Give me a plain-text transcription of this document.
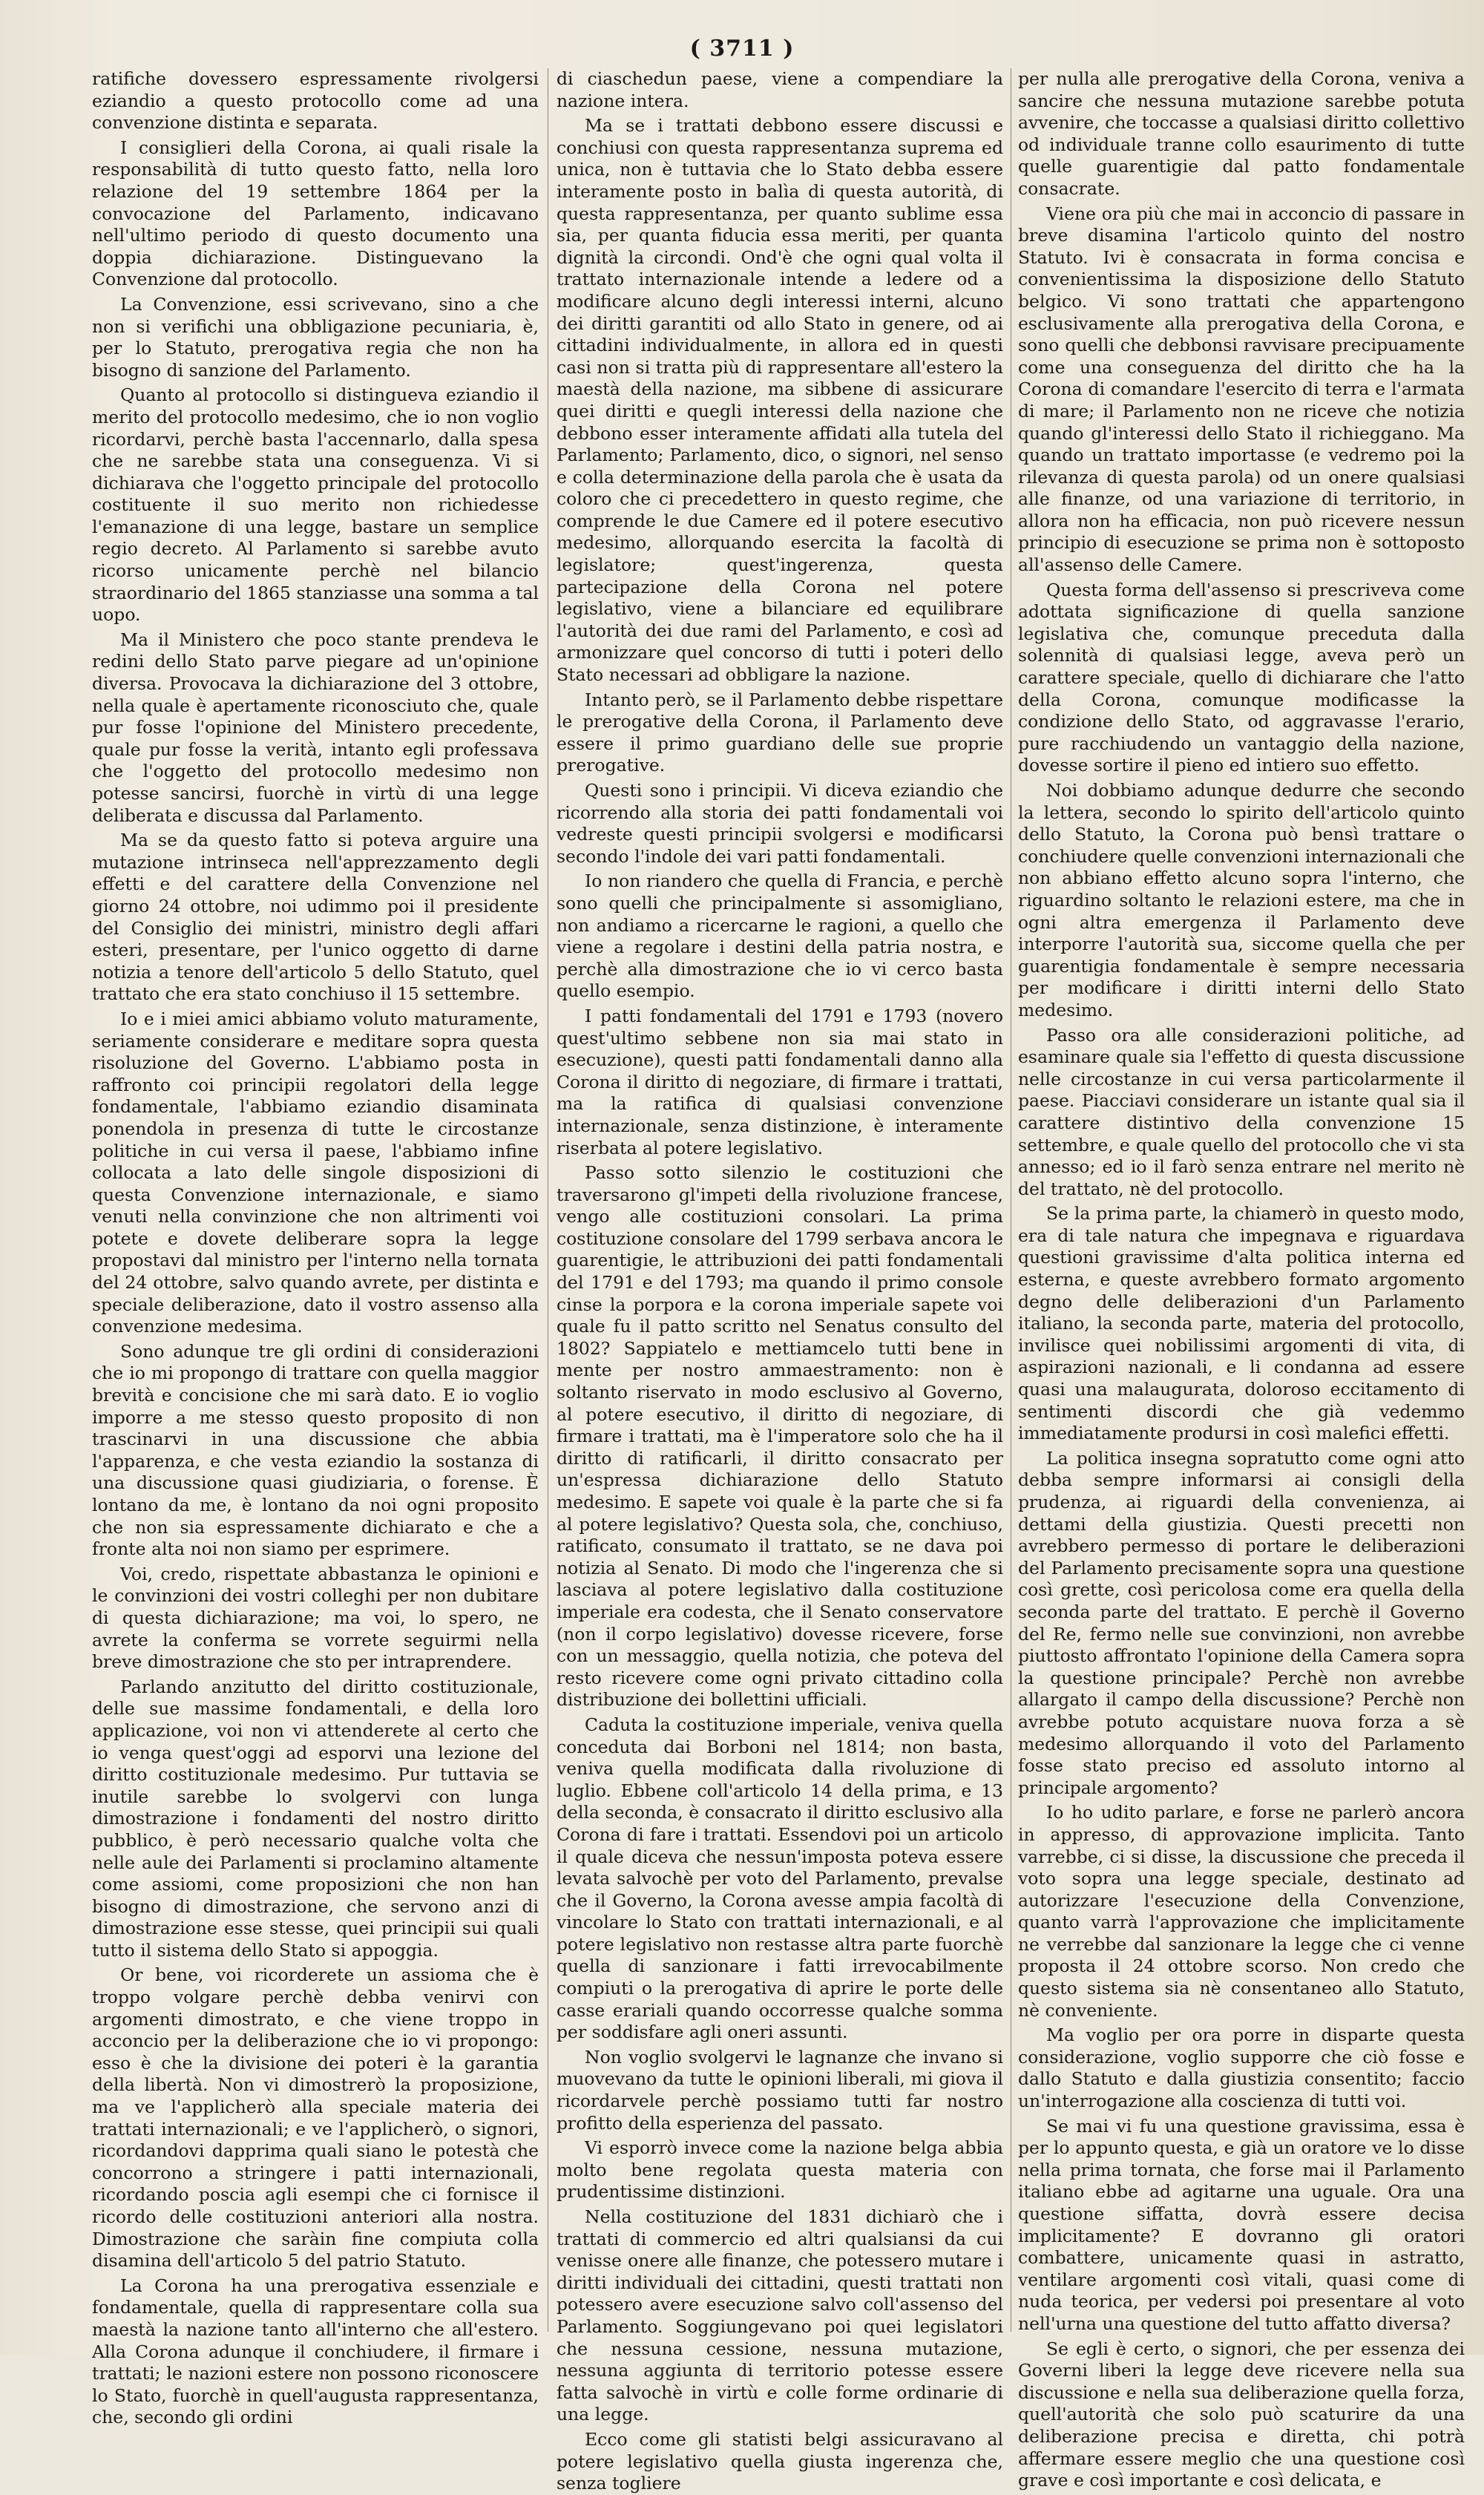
( 3711 )

ratifiche dovessero espressamente rivolgersi eziandio a questo protocollo come ad una convenzione distinta e separata.

I consiglieri della Corona, ai quali risale la responsabilità di tutto questo fatto, nella loro relazione del 19 settembre 1864 per la convocazione del Parlamento, indicavano nell'ultimo periodo di questo documento una doppia dichiarazione. Distinguevano la Convenzione dal protocollo.

La Convenzione, essi scrivevano, sino a che non si verifichi una obbligazione pecuniaria, è, per lo Statuto, prerogativa regia che non ha bisogno di sanzione del Parlamento.

Quanto al protocollo si distingueva eziandio il merito del protocollo medesimo, che io non voglio ricordarvi, perchè basta l'accennarlo, dalla spesa che ne sarebbe stata una conseguenza. Vi si dichiarava che l'oggetto principale del protocollo costituente il suo merito non richiedesse l'emanazione di una legge, bastare un semplice regio decreto. Al Parlamento si sarebbe avuto ricorso unicamente perchè nel bilancio straordinario del 1865 stanziasse una somma a tal uopo.

Ma il Ministero che poco stante prendeva le redini dello Stato parve piegare ad un'opinione diversa. Provocava la dichiarazione del 3 ottobre, nella quale è apertamente riconosciuto che, quale pur fosse l'opinione del Ministero precedente, quale pur fosse la verità, intanto egli professava che l'oggetto del protocollo medesimo non potesse sancirsi, fuorchè in virtù di una legge deliberata e discussa dal Parlamento.

Ma se da questo fatto si poteva arguire una mutazione intrinseca nell'apprezzamento degli effetti e del carattere della Convenzione nel giorno 24 ottobre, noi udimmo poi il presidente del Consiglio dei ministri, ministro degli affari esteri, presentare, per l'unico oggetto di darne notizia a tenore dell'articolo 5 dello Statuto, quel trattato che era stato conchiuso il 15 settembre.

Io e i miei amici abbiamo voluto maturamente, seriamente considerare e meditare sopra questa risoluzione del Governo. L'abbiamo posta in raffronto coi principii regolatori della legge fondamentale, l'abbiamo eziandio disaminata ponendola in presenza di tutte le circostanze politiche in cui versa il paese, l'abbiamo infine collocata a lato delle singole disposizioni di questa Convenzione internazionale, e siamo venuti nella convinzione che non altrimenti voi potete e dovete deliberare sopra la legge propostavi dal ministro per l'interno nella tornata del 24 ottobre, salvo quando avrete, per distinta e speciale deliberazione, dato il vostro assenso alla convenzione medesima.

Sono adunque tre gli ordini di considerazioni che io mi propongo di trattare con quella maggior brevità e concisione che mi sarà dato. E io voglio imporre a me stesso questo proposito di non trascinarvi in una discussione che abbia l'apparenza, e che vesta eziandio la sostanza di una discussione quasi giudiziaria, o forense. È lontano da me, è lontano da noi ogni proposito che non sia espressamente dichiarato e che a fronte alta noi non siamo per esprimere.

Voi, credo, rispettate abbastanza le opinioni e le convinzioni dei vostri colleghi per non dubitare di questa dichiarazione; ma voi, lo spero, ne avrete la conferma se vorrete seguirmi nella breve dimostrazione che sto per intraprendere.

Parlando anzitutto del diritto costituzionale, delle sue massime fondamentali, e della loro applicazione, voi non vi attenderete al certo che io venga quest'oggi ad esporvi una lezione del diritto costituzionale medesimo. Pur tuttavia se inutile sarebbe lo svolgervi con lunga dimostrazione i fondamenti del nostro diritto pubblico, è però necessario qualche volta che nelle aule dei Parlamenti si proclamino altamente come assiomi, come proposizioni che non han bisogno di dimostrazione, che servono anzi di dimostrazione esse stesse, quei principii sui quali tutto il sistema dello Stato si appoggia.

Or bene, voi ricorderete un assioma che è troppo volgare perchè debba venirvi con argomenti dimostrato, e che viene troppo in acconcio per la deliberazione che io vi propongo: esso è che la divisione dei poteri è la garantia della libertà. Non vi dimostrerò la proposizione, ma ve l'applicherò alla speciale materia dei trattati internazionali; e ve l'applicherò, o signori, ricordandovi dapprima quali siano le potestà che concorrono a stringere i patti internazionali, ricordando poscia agli esempi che ci fornisce il ricordo delle costituzioni anteriori alla nostra. Dimostrazione che saràin fine compiuta colla disamina dell'articolo 5 del patrio Statuto.

La Corona ha una prerogativa essenziale e fondamentale, quella di rappresentare colla sua maestà la nazione tanto all'interno che all'estero. Alla Corona adunque il conchiudere, il firmare i trattati; le nazioni estere non possono riconoscere lo Stato, fuorchè in quell'augusta rappresentanza, che, secondo gli ordini

di ciaschedun paese, viene a compendiare la nazione intera.

Ma se i trattati debbono essere discussi e conchiusi con questa rappresentanza suprema ed unica, non è tuttavia che lo Stato debba essere interamente posto in balìa di questa autorità, di questa rappresentanza, per quanto sublime essa sia, per quanta fiducia essa meriti, per quanta dignità la circondi. Ond'è che ogni qual volta il trattato internazionale intende a ledere od a modificare alcuno degli interessi interni, alcuno dei diritti garantiti od allo Stato in genere, od ai cittadini individualmente, in allora ed in questi casi non si tratta più di rappresentare all'estero la maestà della nazione, ma sibbene di assicurare quei diritti e quegli interessi della nazione che debbono esser interamente affidati alla tutela del Parlamento; Parlamento, dico, o signori, nel senso e colla determinazione della parola che è usata da coloro che ci precedettero in questo regime, che comprende le due Camere ed il potere esecutivo medesimo, allorquando esercita la facoltà di legislatore; quest'ingerenza, questa partecipazione della Corona nel potere legislativo, viene a bilanciare ed equilibrare l'autorità dei due rami del Parlamento, e così ad armonizzare quel concorso di tutti i poteri dello Stato necessari ad obbligare la nazione.

Intanto però, se il Parlamento debbe rispettare le prerogative della Corona, il Parlamento deve essere il primo guardiano delle sue proprie prerogative.

Questi sono i principii. Vi diceva eziandio che ricorrendo alla storia dei patti fondamentali voi vedreste questi principii svolgersi e modificarsi secondo l'indole dei vari patti fondamentali.

Io non riandero che quella di Francia, e perchè sono quelli che principalmente si assomigliano, non andiamo a ricercarne le ragioni, a quello che viene a regolare i destini della patria nostra, e perchè alla dimostrazione che io vi cerco basta quello esempio.

I patti fondamentali del 1791 e 1793 (novero quest'ultimo sebbene non sia mai stato in esecuzione), questi patti fondamentali danno alla Corona il diritto di negoziare, di firmare i trattati, ma la ratifica di qualsiasi convenzione internazionale, senza distinzione, è interamente riserbata al potere legislativo.

Passo sotto silenzio le costituzioni che traversarono gl'impeti della rivoluzione francese, vengo alle costituzioni consolari. La prima costituzione consolare del 1799 serbava ancora le guarentigie, le attribuzioni dei patti fondamentali del 1791 e del 1793; ma quando il primo console cinse la porpora e la corona imperiale sapete voi quale fu il patto scritto nel Senatus consulto del 1802? Sappiatelo e mettiamcelo tutti bene in mente per nostro ammaestramento: non è soltanto riservato in modo esclusivo al Governo, al potere esecutivo, il diritto di negoziare, di firmare i trattati, ma è l'imperatore solo che ha il diritto di ratificarli, il diritto consacrato per un'espressa dichiarazione dello Statuto medesimo. E sapete voi quale è la parte che si fa al potere legislativo? Questa sola, che, conchiuso, ratificato, consumato il trattato, se ne dava poi notizia al Senato. Di modo che l'ingerenza che si lasciava al potere legislativo dalla costituzione imperiale era codesta, che il Senato conservatore (non il corpo legislativo) dovesse ricevere, forse con un messaggio, quella notizia, che poteva del resto ricevere come ogni privato cittadino colla distribuzione dei bollettini ufficiali.

Caduta la costituzione imperiale, veniva quella conceduta dai Borboni nel 1814; non basta, veniva quella modificata dalla rivoluzione di luglio. Ebbene coll'articolo 14 della prima, e 13 della seconda, è consacrato il diritto esclusivo alla Corona di fare i trattati. Essendovi poi un articolo il quale diceva che nessun'imposta poteva essere levata salvochè per voto del Parlamento, prevalse che il Governo, la Corona avesse ampia facoltà di vincolare lo Stato con trattati internazionali, e al potere legislativo non restasse altra parte fuorchè quella di sanzionare i fatti irrevocabilmente compiuti o la prerogativa di aprire le porte delle casse erariali quando occorresse qualche somma per soddisfare agli oneri assunti.

Non voglio svolgervi le lagnanze che invano si muovevano da tutte le opinioni liberali, mi giova il ricordarvele perchè possiamo tutti far nostro profitto della esperienza del passato.

Vi esporrò invece come la nazione belga abbia molto bene regolata questa materia con prudentissime distinzioni.

Nella costituzione del 1831 dichiarò che i trattati di commercio ed altri qualsiansi da cui venisse onere alle finanze, che potessero mutare i diritti individuali dei cittadini, questi trattati non potessero avere esecuzione salvo coll'assenso del Parlamento. Soggiungevano poi quei legislatori che nessuna cessione, nessuna mutazione, nessuna aggiunta di territorio potesse essere fatta salvochè in virtù e colle forme ordinarie di una legge.

Ecco come gli statisti belgi assicuravano al potere legislativo quella giusta ingerenza che, senza togliere

per nulla alle prerogative della Corona, veniva a sancire che nessuna mutazione sarebbe potuta avvenire, che toccasse a qualsiasi diritto collettivo od individuale tranne collo esaurimento di tutte quelle guarentigie dal patto fondamentale consacrate.

Viene ora più che mai in acconcio di passare in breve disamina l'articolo quinto del nostro Statuto. Ivi è consacrata in forma concisa e convenientissima la disposizione dello Statuto belgico. Vi sono trattati che appartengono esclusivamente alla prerogativa della Corona, e sono quelli che debbonsi ravvisare precipuamente come una conseguenza del diritto che ha la Corona di comandare l'esercito di terra e l'armata di mare; il Parlamento non ne riceve che notizia quando gl'interessi dello Stato il richieggano. Ma quando un trattato importasse (e vedremo poi la rilevanza di questa parola) od un onere qualsiasi alle finanze, od una variazione di territorio, in allora non ha efficacia, non può ricevere nessun principio di esecuzione se prima non è sottoposto all'assenso delle Camere.

Questa forma dell'assenso si prescriveva come adottata significazione di quella sanzione legislativa che, comunque preceduta dalla solennità di qualsiasi legge, aveva però un carattere speciale, quello di dichiarare che l'atto della Corona, comunque modificasse la condizione dello Stato, od aggravasse l'erario, pure racchiudendo un vantaggio della nazione, dovesse sortire il pieno ed intiero suo effetto.

Noi dobbiamo adunque dedurre che secondo la lettera, secondo lo spirito dell'articolo quinto dello Statuto, la Corona può bensì trattare o conchiudere quelle convenzioni internazionali che non abbiano effetto alcuno sopra l'interno, che riguardino soltanto le relazioni estere, ma che in ogni altra emergenza il Parlamento deve interporre l'autorità sua, siccome quella che per guarentigia fondamentale è sempre necessaria per modificare i diritti interni dello Stato medesimo.

Passo ora alle considerazioni politiche, ad esaminare quale sia l'effetto di questa discussione nelle circostanze in cui versa particolarmente il paese. Piacciavi considerare un istante qual sia il carattere distintivo della convenzione 15 settembre, e quale quello del protocollo che vi sta annesso; ed io il farò senza entrare nel merito nè del trattato, nè del protocollo.

Se la prima parte, la chiamerò in questo modo, era di tale natura che impegnava e riguardava questioni gravissime d'alta politica interna ed esterna, e queste avrebbero formato argomento degno delle deliberazioni d'un Parlamento italiano, la seconda parte, materia del protocollo, invilisce quei nobilissimi argomenti di vita, di aspirazioni nazionali, e li condanna ad essere quasi una malaugurata, doloroso eccitamento di sentimenti discordi che già vedemmo immediatamente prodursi in così malefici effetti.

La politica insegna sopratutto come ogni atto debba sempre informarsi ai consigli della prudenza, ai riguardi della convenienza, ai dettami della giustizia. Questi precetti non avrebbero permesso di portare le deliberazioni del Parlamento precisamente sopra una questione così grette, così pericolosa come era quella della seconda parte del trattato. E perchè il Governo del Re, fermo nelle sue convinzioni, non avrebbe piuttosto affrontato l'opinione della Camera sopra la questione principale? Perchè non avrebbe allargato il campo della discussione? Perchè non avrebbe potuto acquistare nuova forza a sè medesimo allorquando il voto del Parlamento fosse stato preciso ed assoluto intorno al principale argomento?

Io ho udito parlare, e forse ne parlerò ancora in appresso, di approvazione implicita. Tanto varrebbe, ci si disse, la discussione che preceda il voto sopra una legge speciale, destinato ad autorizzare l'esecuzione della Convenzione, quanto varrà l'approvazione che implicitamente ne verrebbe dal sanzionare la legge che ci venne proposta il 24 ottobre scorso. Non credo che questo sistema sia nè consentaneo allo Statuto, nè conveniente.

Ma voglio per ora porre in disparte questa considerazione, voglio supporre che ciò fosse e dallo Statuto e dalla giustizia consentito; faccio un'interrogazione alla coscienza di tutti voi.

Se mai vi fu una questione gravissima, essa è per lo appunto questa, e già un oratore ve lo disse nella prima tornata, che forse mai il Parlamento italiano ebbe ad agitarne una uguale. Ora una questione siffatta, dovrà essere decisa implicitamente? E dovranno gli oratori combattere, unicamente quasi in astratto, ventilare argomenti così vitali, quasi come di nuda teorica, per vedersi poi presentare al voto nell'urna una questione del tutto affatto diversa?

Se egli è certo, o signori, che per essenza dei Governi liberi la legge deve ricevere nella sua discussione e nella sua deliberazione quella forza, quell'autorità che solo può scaturire da una deliberazione precisa e diretta, chi potrà affermare essere meglio che una questione così grave e così importante e così delicata, e
